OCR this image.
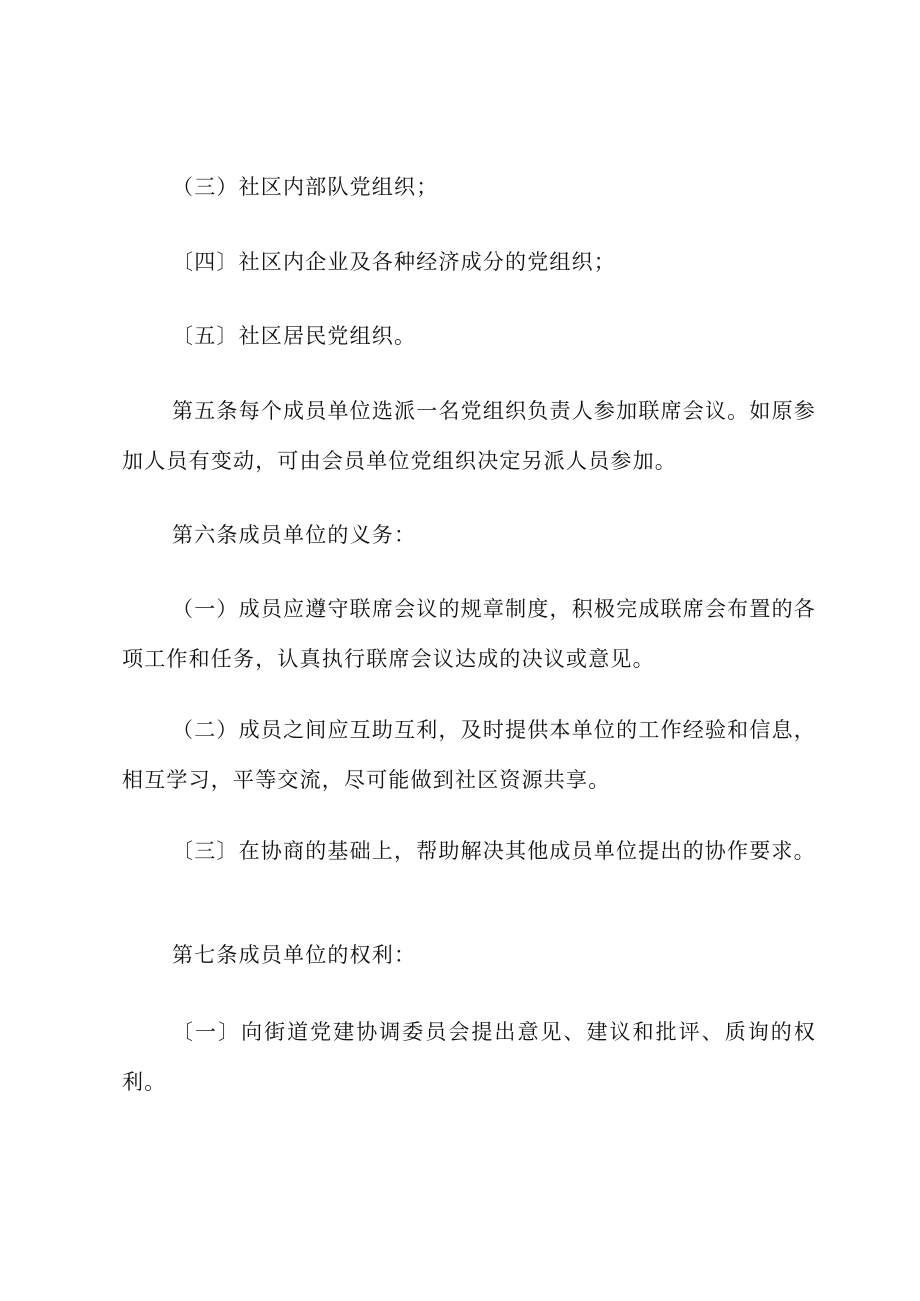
（三）社区内部队党组织；

〔四〕社区内企业及各种经济成分的党组织；

〔五〕社区居民党组织。

第五条每个成员单位选派一名党组织负责人参加联席会议。如原参加人员有变动，可由会员单位党组织决定另派人员参加。

第六条成员单位的义务：

（一）成员应遵守联席会议的规章制度，积极完成联席会布置的各项工作和任务，认真执行联席会议达成的决议或意见。

（二）成员之间应互助互利，及时提供本单位的工作经验和信息，相互学习，平等交流，尽可能做到社区资源共享。

〔三〕在协商的基础上，帮助解决其他成员单位提出的协作要求。

第七条成员单位的权利：

〔一〕向街道党建协调委员会提出意见、建议和批评、质询的权利。
